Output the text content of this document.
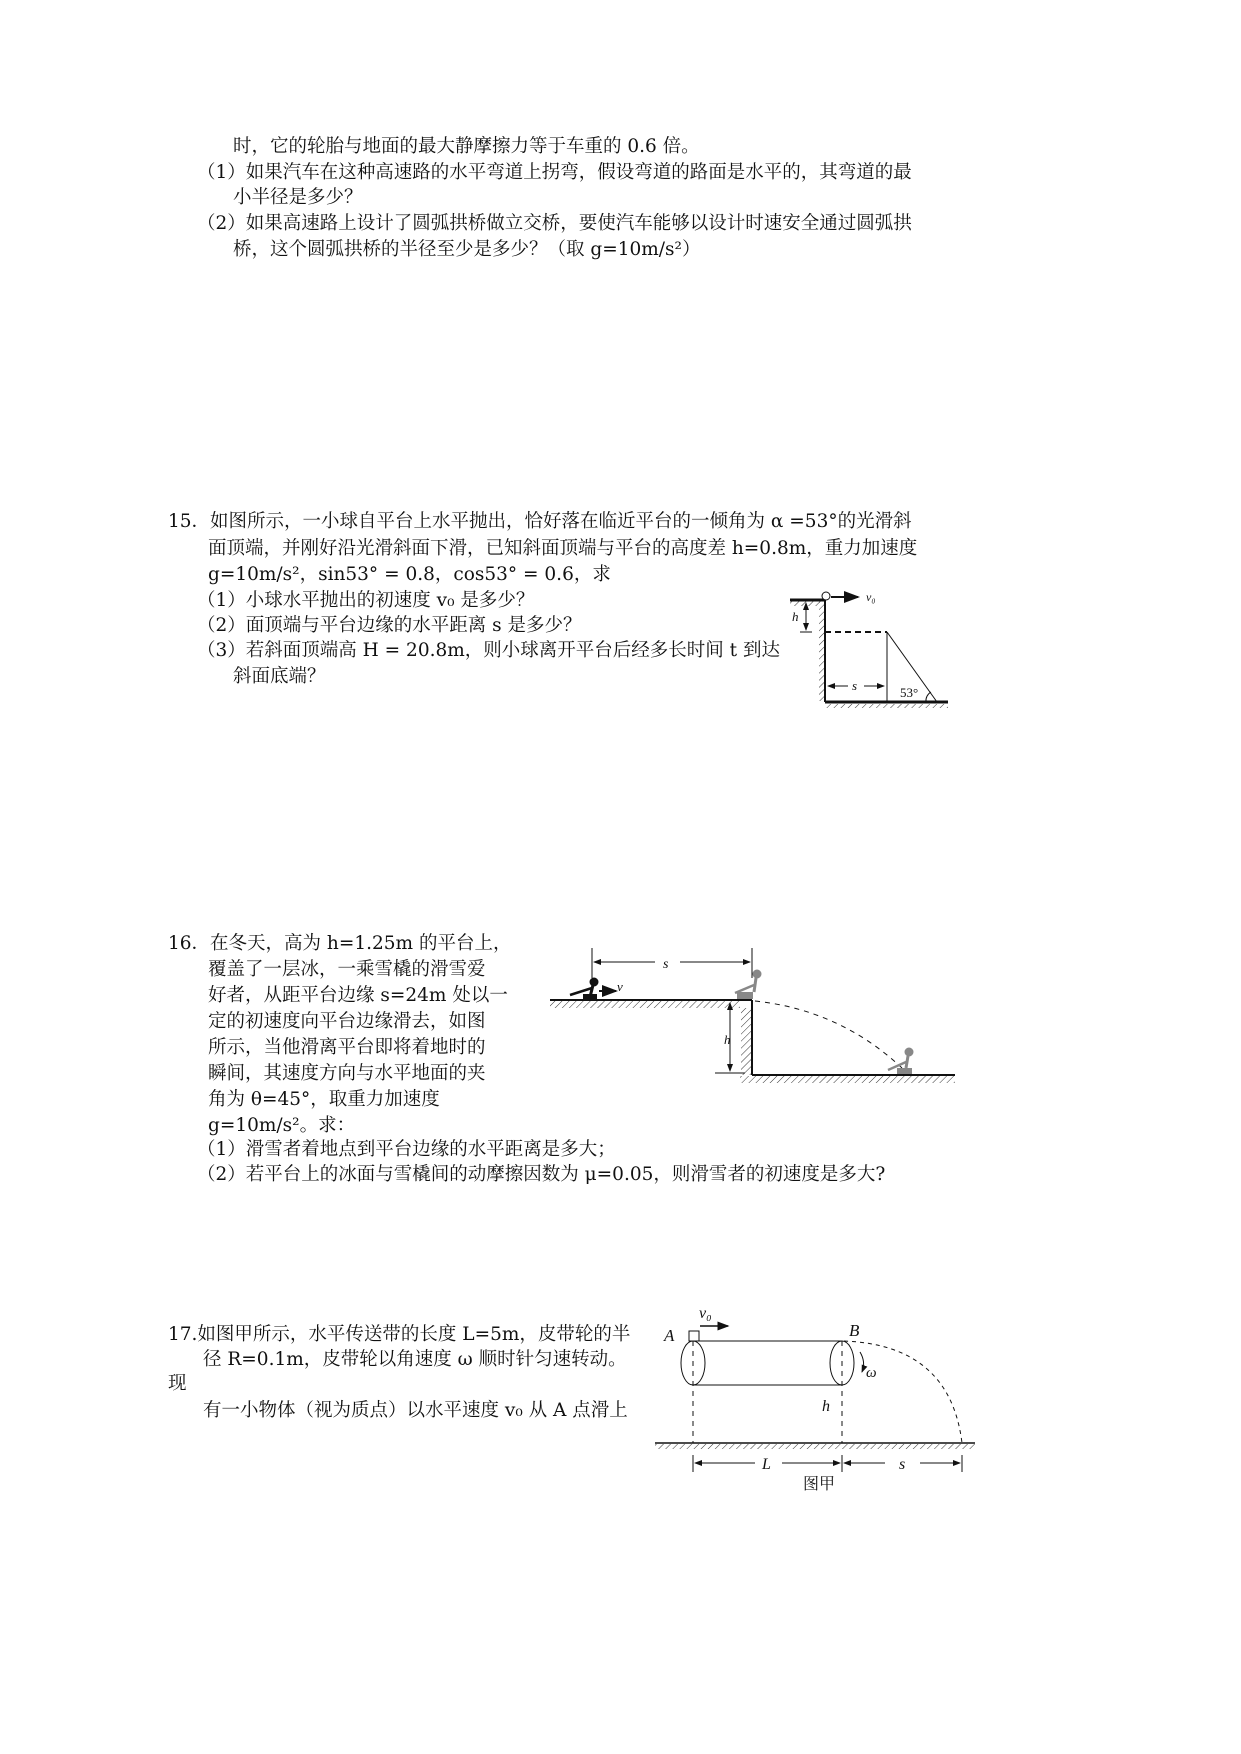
时，它的轮胎与地面的最大静摩擦力等于车重的 0.6 倍。
（1）如果汽车在这种高速路的水平弯道上拐弯，假设弯道的路面是水平的，其弯道的最
小半径是多少？
（2）如果高速路上设计了圆弧拱桥做立交桥，要使汽车能够以设计时速安全通过圆弧拱
桥，这个圆弧拱桥的半径至少是多少？（取 g=10m/s²）
15．如图所示，一小球自平台上水平抛出，恰好落在临近平台的一倾角为 α =53°的光滑斜
面顶端，并刚好沿光滑斜面下滑，已知斜面顶端与平台的高度差 h=0.8m，重力加速度
g=10m/s²，sin53° = 0.8，cos53° = 0.6，求
（1）小球水平抛出的初速度 v₀ 是多少？
（2）面顶端与平台边缘的水平距离 s 是多少？
（3）若斜面顶端高 H = 20.8m，则小球离开平台后经多长时间 t 到达
斜面底端？
16．在冬天，高为 h=1.25m 的平台上，
覆盖了一层冰，一乘雪橇的滑雪爱
好者，从距平台边缘 s=24m 处以一
定的初速度向平台边缘滑去，如图
所示，当他滑离平台即将着地时的
瞬间，其速度方向与水平地面的夹
角为 θ=45°，取重力加速度
g=10m/s²。求：
（1）滑雪者着地点到平台边缘的水平距离是多大；
（2）若平台上的冰面与雪橇间的动摩擦因数为 μ=0.05，则滑雪者的初速度是多大?
17.如图甲所示，水平传送带的长度 L=5m，皮带轮的半
径 R=0.1m，皮带轮以角速度 ω 顺时针匀速转动。
现
有一小物体（视为质点）以水平速度 v₀ 从 A 点滑上
v₀
h
s	53°
h
s
v
v₀
A	B
ω
h
L	s
图甲
